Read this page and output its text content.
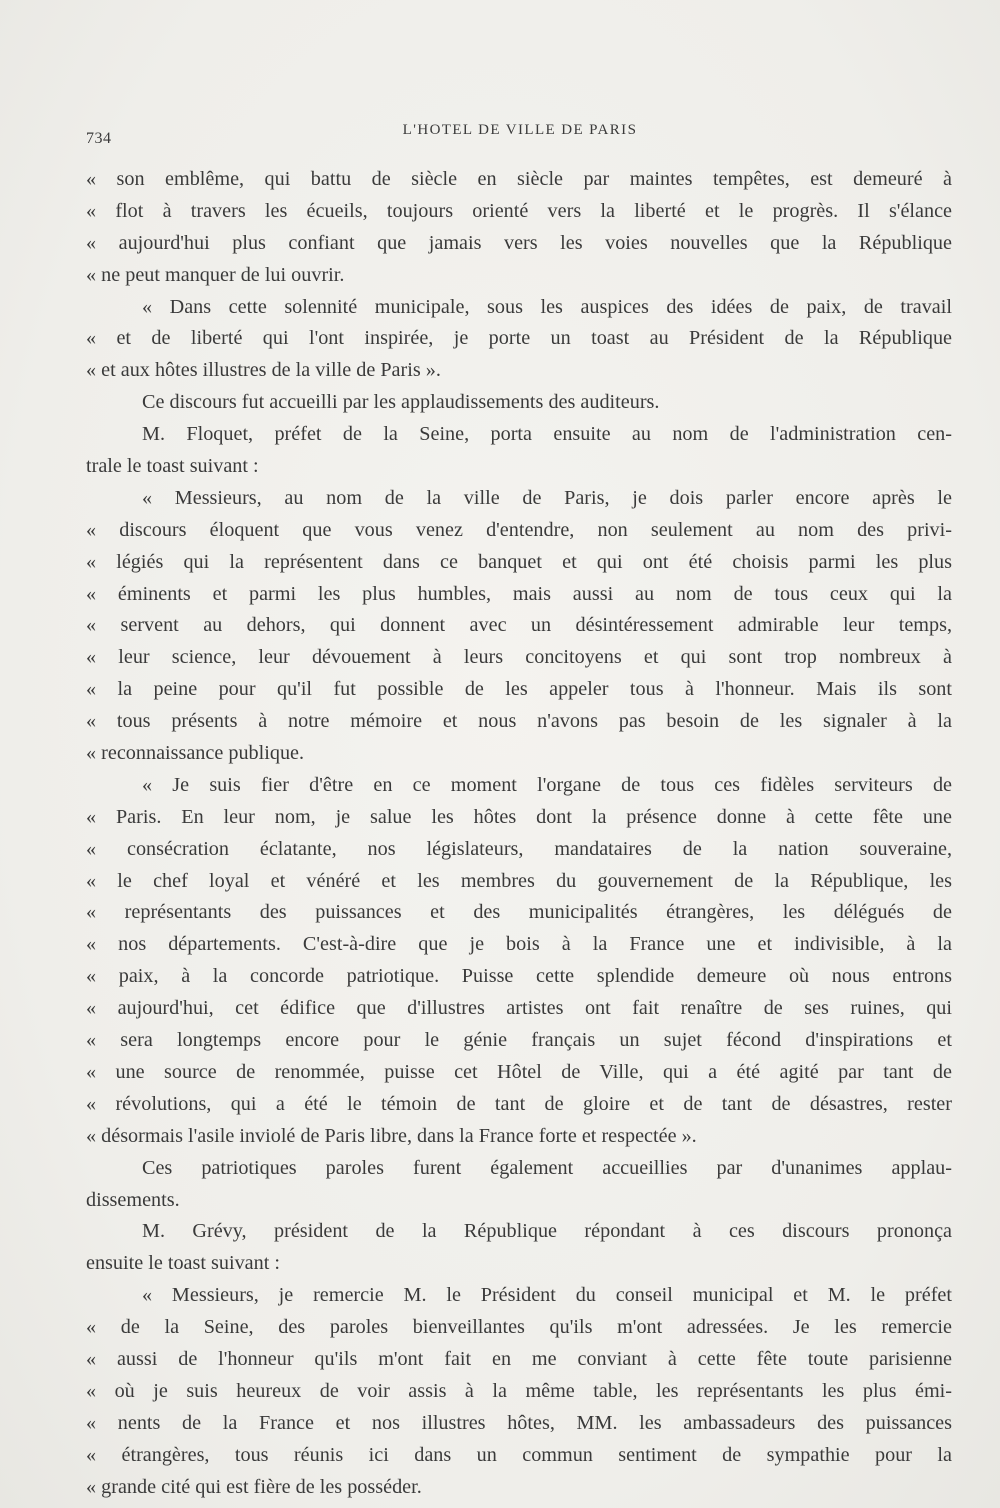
734	L'HOTEL DE VILLE DE PARIS
« son emblême, qui battu de siècle en siècle par maintes tempêtes, est demeuré à
« flot à travers les écueils, toujours orienté vers la liberté et le progrès. Il s'élance
« aujourd'hui plus confiant que jamais vers les voies nouvelles que la République
« ne peut manquer de lui ouvrir.
« Dans cette solennité municipale, sous les auspices des idées de paix, de travail
« et de liberté qui l'ont inspirée, je porte un toast au Président de la République
« et aux hôtes illustres de la ville de Paris ».
Ce discours fut accueilli par les applaudissements des auditeurs.
M. Floquet, préfet de la Seine, porta ensuite au nom de l'administration cen-
trale le toast suivant :
« Messieurs, au nom de la ville de Paris, je dois parler encore après le
« discours éloquent que vous venez d'entendre, non seulement au nom des privi-
« légiés qui la représentent dans ce banquet et qui ont été choisis parmi les plus
« éminents et parmi les plus humbles, mais aussi au nom de tous ceux qui la
« servent au dehors, qui donnent avec un désintéressement admirable leur temps,
« leur science, leur dévouement à leurs concitoyens et qui sont trop nombreux à
« la peine pour qu'il fut possible de les appeler tous à l'honneur. Mais ils sont
« tous présents à notre mémoire et nous n'avons pas besoin de les signaler à la
« reconnaissance publique.
« Je suis fier d'être en ce moment l'organe de tous ces fidèles serviteurs de
« Paris. En leur nom, je salue les hôtes dont la présence donne à cette fête une
« consécration éclatante, nos législateurs, mandataires de la nation souveraine,
« le chef loyal et vénéré et les membres du gouvernement de la République, les
« représentants des puissances et des municipalités étrangères, les délégués de
« nos départements. C'est-à-dire que je bois à la France une et indivisible, à la
« paix, à la concorde patriotique. Puisse cette splendide demeure où nous entrons
« aujourd'hui, cet édifice que d'illustres artistes ont fait renaître de ses ruines, qui
« sera longtemps encore pour le génie français un sujet fécond d'inspirations et
« une source de renommée, puisse cet Hôtel de Ville, qui a été agité par tant de
« révolutions, qui a été le témoin de tant de gloire et de tant de désastres, rester
« désormais l'asile inviolé de Paris libre, dans la France forte et respectée ».
Ces patriotiques paroles furent également accueillies par d'unanimes applau-
dissements.
M. Grévy, président de la République répondant à ces discours prononça
ensuite le toast suivant :
« Messieurs, je remercie M. le Président du conseil municipal et M. le préfet
« de la Seine, des paroles bienveillantes qu'ils m'ont adressées. Je les remercie
« aussi de l'honneur qu'ils m'ont fait en me conviant à cette fête toute parisienne
« où je suis heureux de voir assis à la même table, les représentants les plus émi-
« nents de la France et nos illustres hôtes, MM. les ambassadeurs des puissances
« étrangères, tous réunis ici dans un commun sentiment de sympathie pour la
« grande cité qui est fière de les posséder.
